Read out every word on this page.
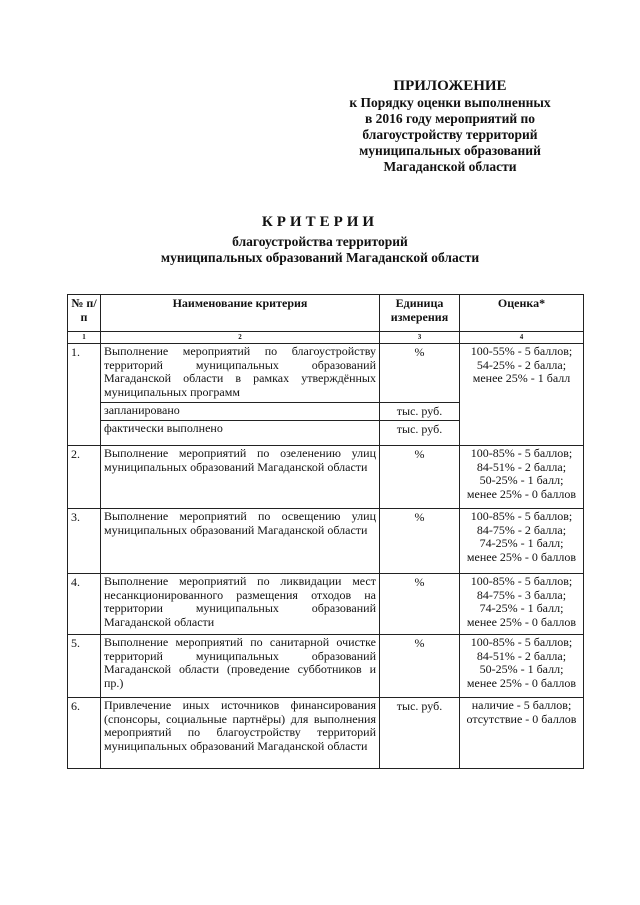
ПРИЛОЖЕНИЕ
к Порядку оценки выполненных
в 2016 году мероприятий по
благоустройству территорий
муниципальных образований
Магаданской области
КРИТЕРИИ
благоустройства территорий
муниципальных образований Магаданской области
№ п/п	Наименование критерия	Единица измерения	Оценка*
1	2	3	4
1.	Выполнение мероприятий по благоустройству территорий муниципальных образований Магаданской области в рамках утверждённых муниципальных программ	%	100-55% - 5 баллов;
54-25% - 2 балла;
менее 25% - 1 балл

	запланировано	тыс. руб.	
	фактически выполнено	тыс. руб.	
2.	Выполнение мероприятий по озеленению улиц муниципальных образований Магаданской области	%	100-85% - 5 баллов;
84-51% - 2 балла;
50-25% - 1 балл;
менее 25% - 0 баллов

3.	Выполнение мероприятий по освещению улиц муниципальных образований Магаданской области	%	100-85% - 5 баллов;
84-75% - 2 балла;
74-25% - 1 балл;
менее 25% - 0 баллов

4.	Выполнение мероприятий по ликвидации мест несанкционированного размещения отходов на территории муниципальных образований Магаданской области	%	100-85% - 5 баллов;
84-75% - 3 балла;
74-25% - 1 балл;
менее 25% - 0 баллов

5.	Выполнение мероприятий по санитарной очистке территорий муниципальных образований Магаданской области (проведение субботников и пр.)	%	100-85% - 5 баллов;
84-51% - 2 балла;
50-25% - 1 балл;
менее 25% - 0 баллов

6.	Привлечение иных источников финансирования (спонсоры, социальные партнёры) для выполнения мероприятий по благоустройству территорий муниципальных образований Магаданской области	тыс. руб.	наличие - 5 баллов;
отсутствие - 0 баллов
